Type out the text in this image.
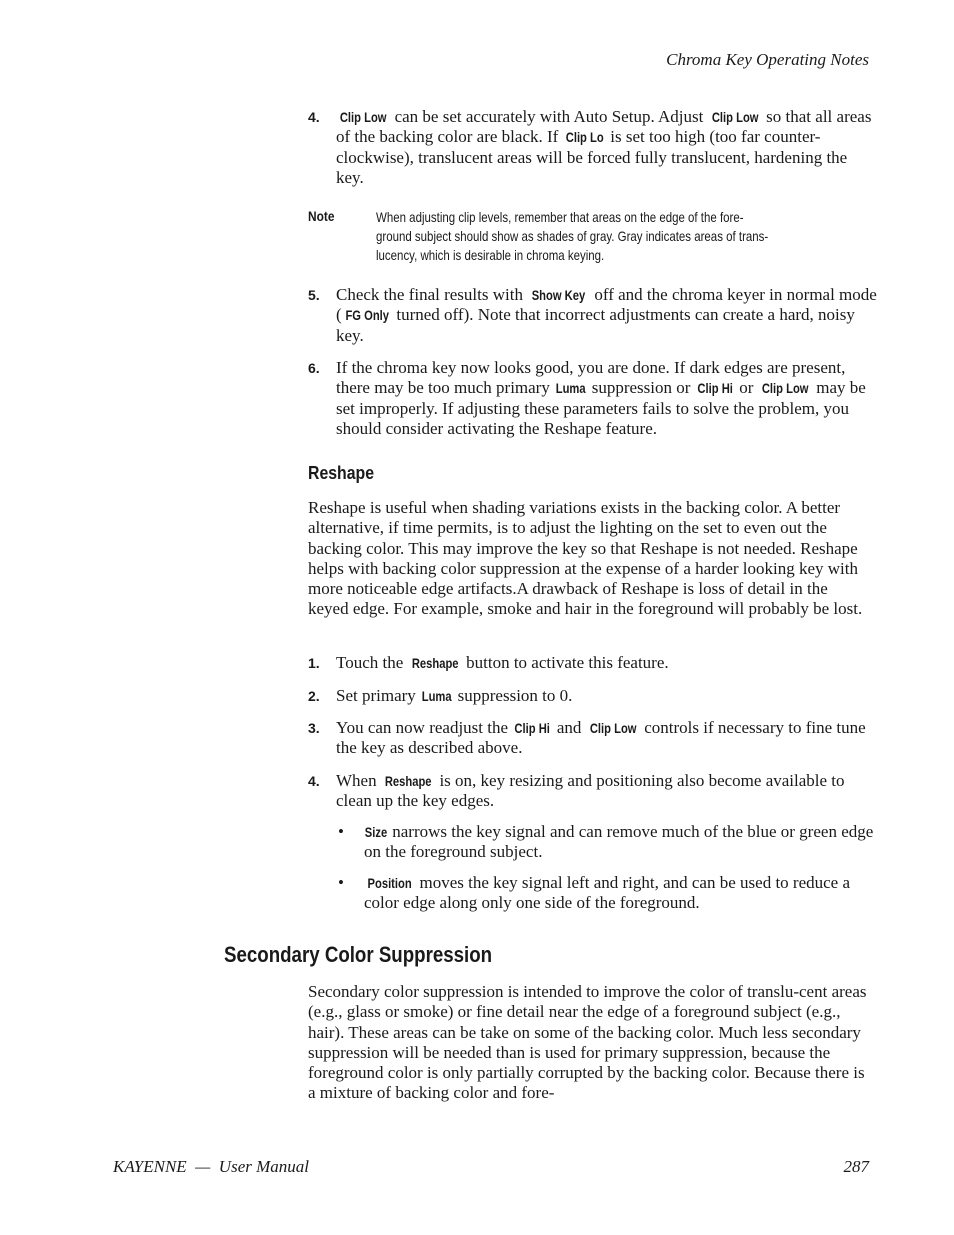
Chroma Key Operating Notes
4. Clip Low can be set accurately with Auto Setup. Adjust Clip Low so that all areas of the backing color are black. If Clip Lo is set too high (too far counter-clockwise), translucent areas will be forced fully translucent, hardening the key.
Note	When adjusting clip levels, remember that areas on the edge of the fore-
ground subject should show as shades of gray. Gray indicates areas of trans-
lucency, which is desirable in chroma keying.
5. Check the final results with Show Key off and the chroma keyer in normal mode ( FG Only turned off). Note that incorrect adjustments can create a hard, noisy key.
6. If the chroma key now looks good, you are done. If dark edges are present, there may be too much primary Luma suppression or Clip Hi or Clip Low may be set improperly. If adjusting these parameters fails to solve the problem, you should consider activating the Reshape feature.
Reshape
Reshape is useful when shading variations exists in the backing color. A better alternative, if time permits, is to adjust the lighting on the set to even out the backing color. This may improve the key so that Reshape is not needed. Reshape helps with backing color suppression at the expense of a harder looking key with more noticeable edge artifacts.A drawback of Reshape is loss of detail in the keyed edge. For example, smoke and hair in the foreground will probably be lost.
1. Touch the Reshape button to activate this feature.
2. Set primary Luma suppression to 0.
3. You can now readjust the Clip Hi and Clip Low controls if necessary to fine tune the key as described above.
4. When Reshape is on, key resizing and positioning also become available to clean up the key edges.
• Size narrows the key signal and can remove much of the blue or green edge on the foreground subject.
• Position moves the key signal left and right, and can be used to reduce a color edge along only one side of the foreground.
Secondary Color Suppression
Secondary color suppression is intended to improve the color of translu-cent areas (e.g., glass or smoke) or fine detail near the edge of a foreground subject (e.g., hair). These areas can be take on some of the backing color. Much less secondary suppression will be needed than is used for primary suppression, because the foreground color is only partially corrupted by the backing color. Because there is a mixture of backing color and fore-
KAYENNE  —  User Manual	287
